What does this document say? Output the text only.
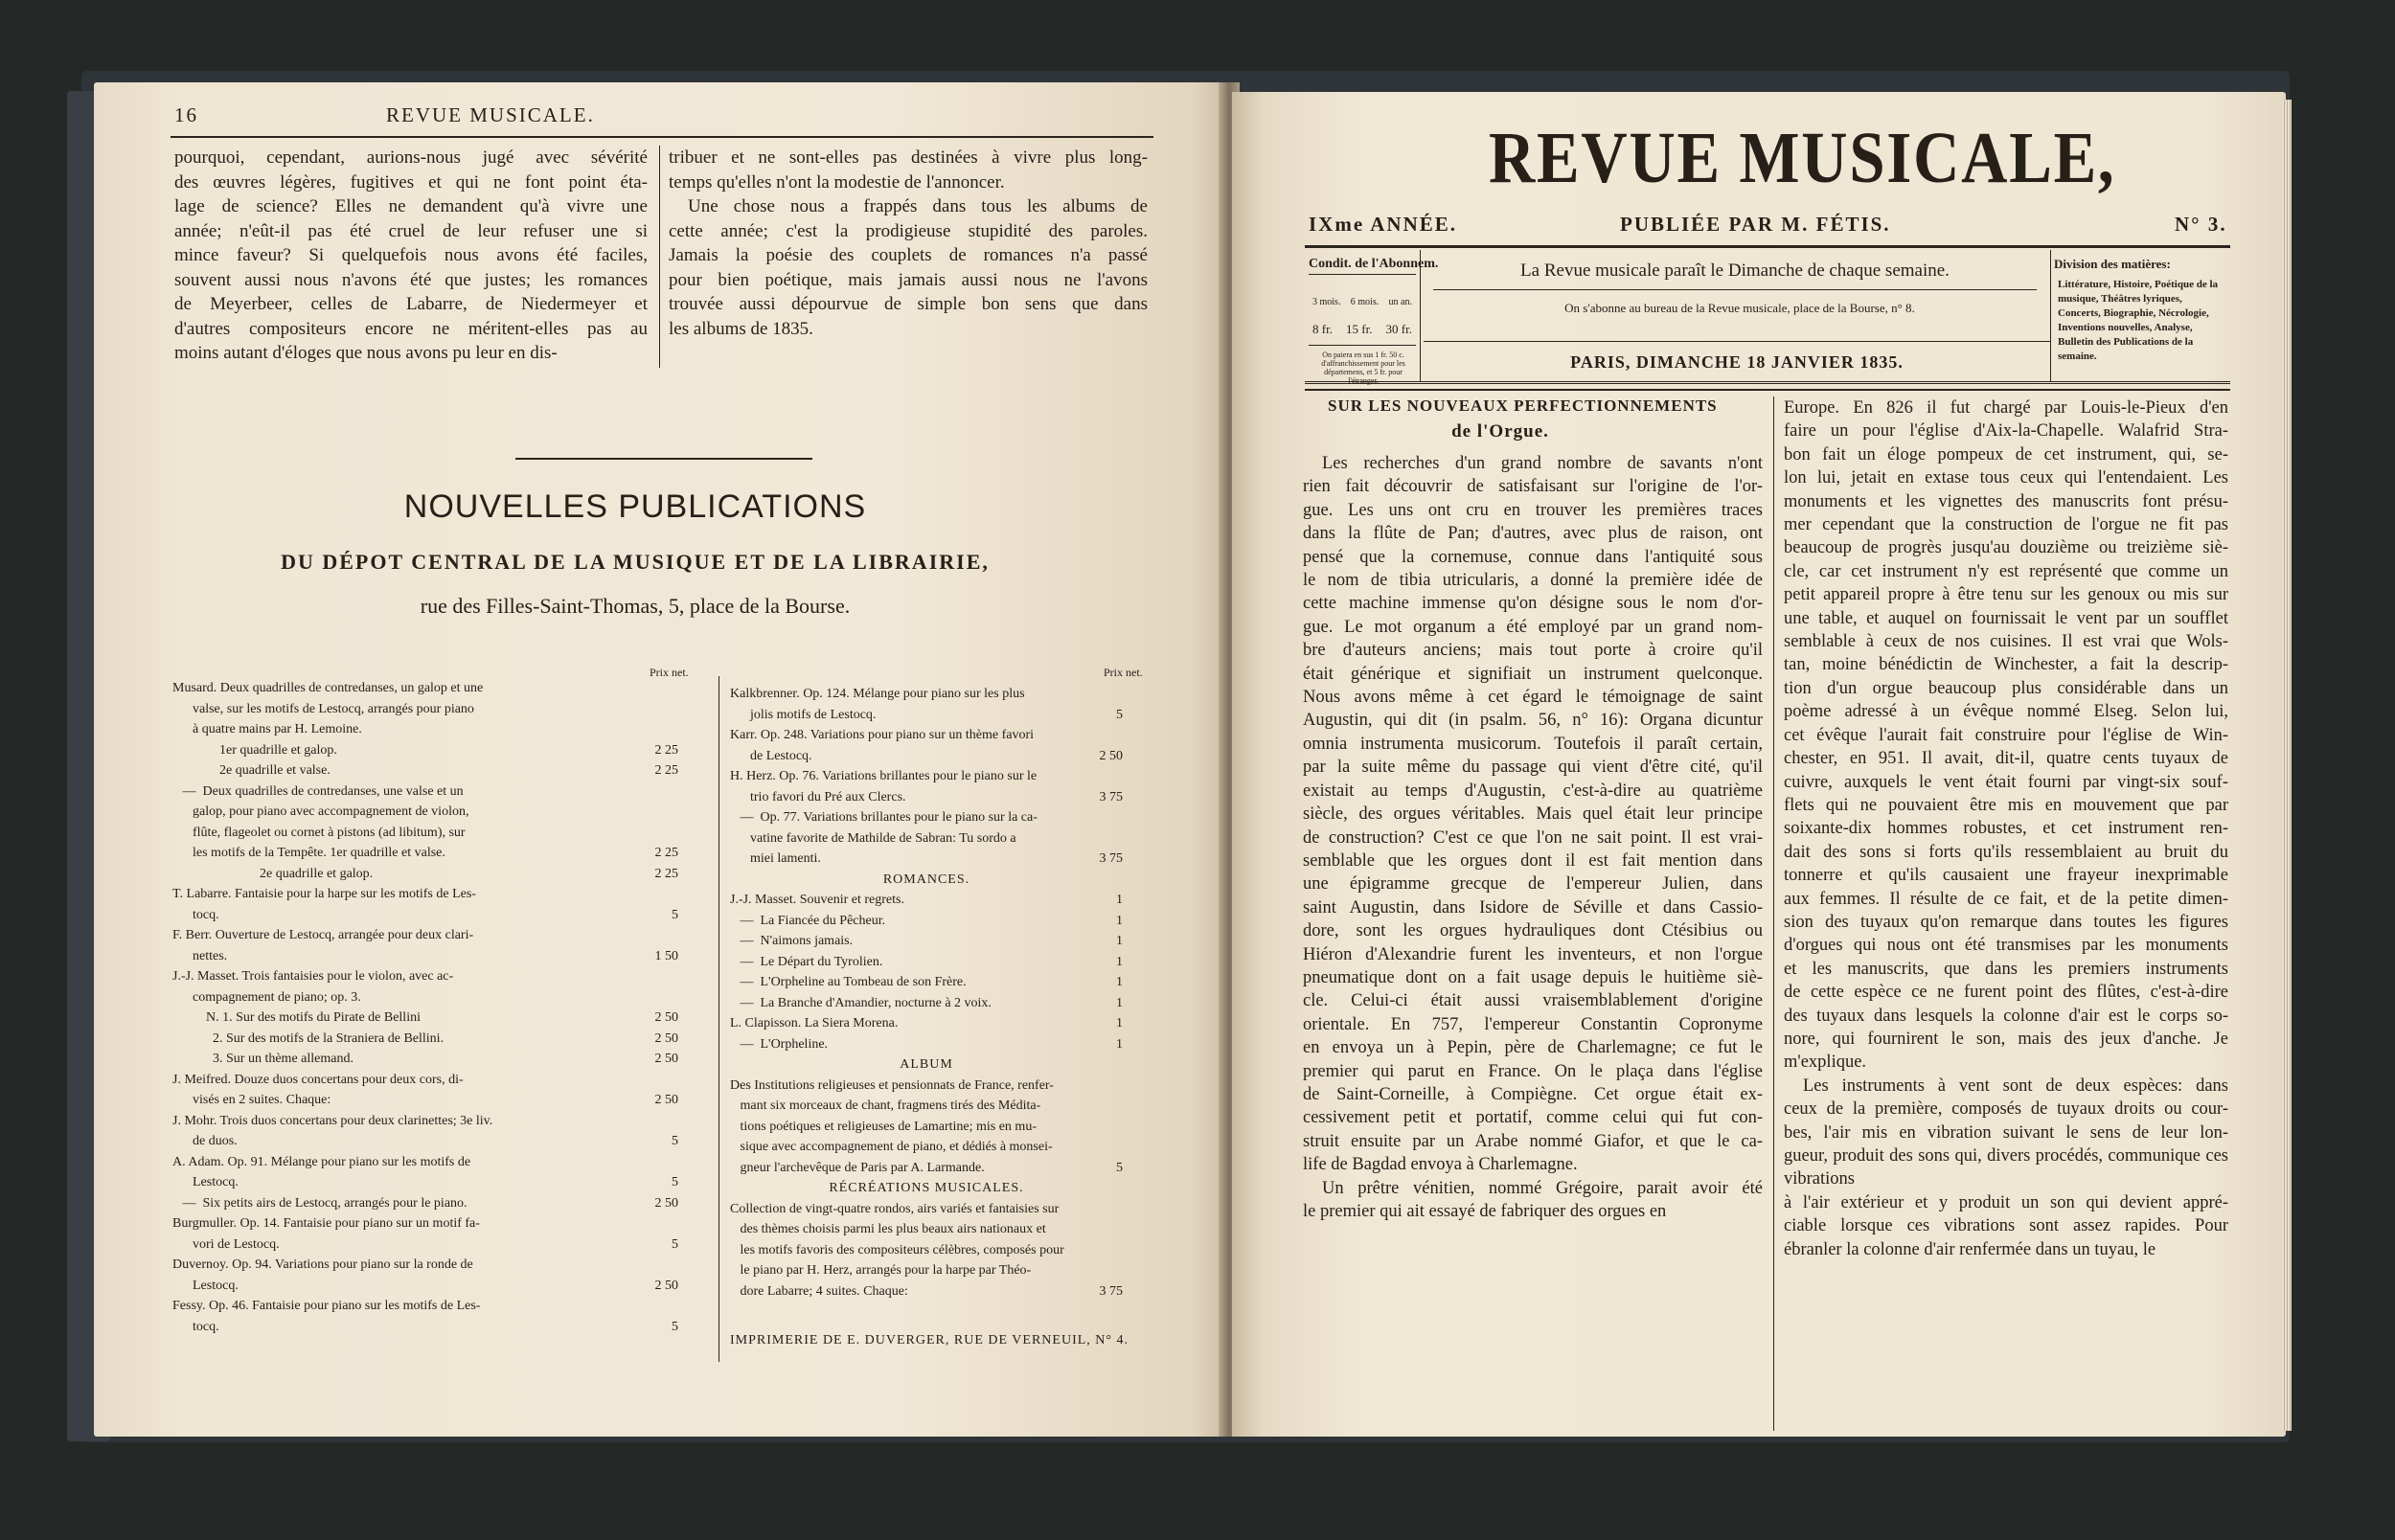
16	REVUE MUSICALE.
pourquoi, cependant, aurions-nous jugé avec sévérité
des œuvres légères, fugitives et qui ne font point éta-
lage de science? Elles ne demandent qu'à vivre une
année; n'eût-il pas été cruel de leur refuser une si
mince faveur? Si quelquefois nous avons été faciles,
souvent aussi nous n'avons été que justes; les romances
de Meyerbeer, celles de Labarre, de Niedermeyer et
d'autres compositeurs encore ne méritent-elles pas au
moins autant d'éloges que nous avons pu leur en dis-
tribuer et ne sont-elles pas destinées à vivre plus long-
temps qu'elles n'ont la modestie de l'annoncer.
Une chose nous a frappés dans tous les albums de
cette année; c'est la prodigieuse stupidité des paroles.
Jamais la poésie des couplets de romances n'a passé
pour bien poétique, mais jamais aussi nous ne l'avons
trouvée aussi dépourvue de simple bon sens que dans
les albums de 1835.
NOUVELLES PUBLICATIONS
DU DÉPOT CENTRAL DE LA MUSIQUE ET DE LA LIBRAIRIE,
rue des Filles-Saint-Thomas, 5, place de la Bourse.
Prix net.	Prix net.
Musard. Deux quadrilles de contredanses, un galop et une
valse, sur les motifs de Lestocq, arrangés pour piano
à quatre mains par H. Lemoine.
1er quadrille et galop.	2 25
2e quadrille et valse.	2 25
—  Deux quadrilles de contredanses, une valse et un
galop, pour piano avec accompagnement de violon,
flûte, flageolet ou cornet à pistons (ad libitum), sur
les motifs de la Tempête. 1er quadrille et valse.	2 25
2e quadrille et galop.	2 25
T. Labarre. Fantaisie pour la harpe sur les motifs de Les-
tocq.	5
F. Berr. Ouverture de Lestocq, arrangée pour deux clari-
nettes.	1 50
J.-J. Masset. Trois fantaisies pour le violon, avec ac-
compagnement de piano; op. 3.
N. 1. Sur des motifs du Pirate de Bellini	2 50
2. Sur des motifs de la Straniera de Bellini.	2 50
3. Sur un thème allemand.	2 50
J. Meifred. Douze duos concertans pour deux cors, di-
visés en 2 suites. Chaque:	2 50
J. Mohr. Trois duos concertans pour deux clarinettes; 3e liv.
de duos.	5
A. Adam. Op. 91. Mélange pour piano sur les motifs de
Lestocq.	5
—  Six petits airs de Lestocq, arrangés pour le piano.	2 50
Burgmuller. Op. 14. Fantaisie pour piano sur un motif fa-
vori de Lestocq.	5
Duvernoy. Op. 94. Variations pour piano sur la ronde de
Lestocq.	2 50
Fessy. Op. 46. Fantaisie pour piano sur les motifs de Les-
tocq.	5
Kalkbrenner. Op. 124. Mélange pour piano sur les plus
jolis motifs de Lestocq.	5
Karr. Op. 248. Variations pour piano sur un thème favori
de Lestocq.	2 50
H. Herz. Op. 76. Variations brillantes pour le piano sur le
trio favori du Pré aux Clercs.	3 75
—  Op. 77. Variations brillantes pour le piano sur la ca-
vatine favorite de Mathilde de Sabran: Tu sordo a
miei lamenti.	3 75
ROMANCES.
J.-J. Masset. Souvenir et regrets.	1
—  La Fiancée du Pêcheur.	1
—  N'aimons jamais.	1
—  Le Départ du Tyrolien.	1
—  L'Orpheline au Tombeau de son Frère.	1
—  La Branche d'Amandier, nocturne à 2 voix.	1
L. Clapisson. La Siera Morena.	1
—  L'Orpheline.	1
ALBUM
Des Institutions religieuses et pensionnats de France, renfer-
mant six morceaux de chant, fragmens tirés des Médita-
tions poétiques et religieuses de Lamartine; mis en mu-
sique avec accompagnement de piano, et dédiés à monsei-
gneur l'archevêque de Paris par A. Larmande.	5
RÉCRÉATIONS MUSICALES.
Collection de vingt-quatre rondos, airs variés et fantaisies sur
des thèmes choisis parmi les plus beaux airs nationaux et
les motifs favoris des compositeurs célèbres, composés pour
le piano par H. Herz, arrangés pour la harpe par Théo-
dore Labarre; 4 suites. Chaque:	3 75
IMPRIMERIE DE E. DUVERGER, RUE DE VERNEUIL, N° 4.
REVUE MUSICALE,
IXme ANNÉE.	PUBLIÉE PAR M. FÉTIS.	N° 3.
Condit. de l'Abonnem.
3 mois. 6 mois. un an.
8 fr. 15 fr. 30 fr.
On paiera en sus 1 fr. 50 c. d'affranchissement pour les départemens, et 5 fr. pour l'étranger.
La Revue musicale paraît le Dimanche de chaque semaine.
On s'abonne au bureau de la Revue musicale, place de la Bourse, n° 8.
PARIS, DIMANCHE 18 JANVIER 1835.
Division des matières:
Littérature, Histoire, Poétique de la musique, Théâtres lyriques, Concerts, Biographie, Nécrologie, Inventions nouvelles, Analyse, Bulletin des Publications de la semaine.
SUR LES NOUVEAUX PERFECTIONNEMENTS
de l'Orgue.
Les recherches d'un grand nombre de savants n'ont
rien fait découvrir de satisfaisant sur l'origine de l'or-
gue. Les uns ont cru en trouver les premières traces
dans la flûte de Pan; d'autres, avec plus de raison, ont
pensé que la cornemuse, connue dans l'antiquité sous
le nom de tibia utricularis, a donné la première idée de
cette machine immense qu'on désigne sous le nom d'or-
gue. Le mot organum a été employé par un grand nom-
bre d'auteurs anciens; mais tout porte à croire qu'il
était générique et signifiait un instrument quelconque.
Nous avons même à cet égard le témoignage de saint
Augustin, qui dit (in psalm. 56, n° 16): Organa dicuntur
omnia instrumenta musicorum. Toutefois il paraît certain,
par la suite même du passage qui vient d'être cité, qu'il
existait au temps d'Augustin, c'est-à-dire au quatrième
siècle, des orgues véritables. Mais quel était leur principe
de construction? C'est ce que l'on ne sait point. Il est vrai-
semblable que les orgues dont il est fait mention dans
une épigramme grecque de l'empereur Julien, dans
saint Augustin, dans Isidore de Séville et dans Cassio-
dore, sont les orgues hydrauliques dont Ctésibius ou
Hiéron d'Alexandrie furent les inventeurs, et non l'orgue
pneumatique dont on a fait usage depuis le huitième siè-
cle. Celui-ci était aussi vraisemblablement d'origine
orientale. En 757, l'empereur Constantin Copronyme
en envoya un à Pepin, père de Charlemagne; ce fut le
premier qui parut en France. On le plaça dans l'église
de Saint-Corneille, à Compiègne. Cet orgue était ex-
cessivement petit et portatif, comme celui qui fut con-
struit ensuite par un Arabe nommé Giafor, et que le ca-
life de Bagdad envoya à Charlemagne.
Un prêtre vénitien, nommé Grégoire, parait avoir été
le premier qui ait essayé de fabriquer des orgues en
Europe. En 826 il fut chargé par Louis-le-Pieux d'en
faire un pour l'église d'Aix-la-Chapelle. Walafrid Stra-
bon fait un éloge pompeux de cet instrument, qui, se-
lon lui, jetait en extase tous ceux qui l'entendaient. Les
monuments et les vignettes des manuscrits font présu-
mer cependant que la construction de l'orgue ne fit pas
beaucoup de progrès jusqu'au douzième ou treizième siè-
cle, car cet instrument n'y est représenté que comme un
petit appareil propre à être tenu sur les genoux ou mis sur
une table, et auquel on fournissait le vent par un soufflet
semblable à ceux de nos cuisines. Il est vrai que Wols-
tan, moine bénédictin de Winchester, a fait la descrip-
tion d'un orgue beaucoup plus considérable dans un
poème adressé à un évêque nommé Elseg. Selon lui,
cet évêque l'aurait fait construire pour l'église de Win-
chester, en 951. Il avait, dit-il, quatre cents tuyaux de
cuivre, auxquels le vent était fourni par vingt-six souf-
flets qui ne pouvaient être mis en mouvement que par
soixante-dix hommes robustes, et cet instrument ren-
dait des sons si forts qu'ils ressemblaient au bruit du
tonnerre et qu'ils causaient une frayeur inexprimable
aux femmes. Il résulte de ce fait, et de la petite dimen-
sion des tuyaux qu'on remarque dans toutes les figures
d'orgues qui nous ont été transmises par les monuments
et les manuscrits, que dans les premiers instruments
de cette espèce ce ne furent point des flûtes, c'est-à-dire
des tuyaux dans lesquels la colonne d'air est le corps so-
nore, qui fournirent le son, mais des jeux d'anche. Je
m'explique.
Les instruments à vent sont de deux espèces: dans
ceux de la première, composés de tuyaux droits ou cour-
bes, l'air mis en vibration suivant le sens de leur lon-
gueur, produit des sons qui, divers procédés, communique ces vibrations
à l'air extérieur et y produit un son qui devient appré-
ciable lorsque ces vibrations sont assez rapides. Pour
ébranler la colonne d'air renfermée dans un tuyau, le
